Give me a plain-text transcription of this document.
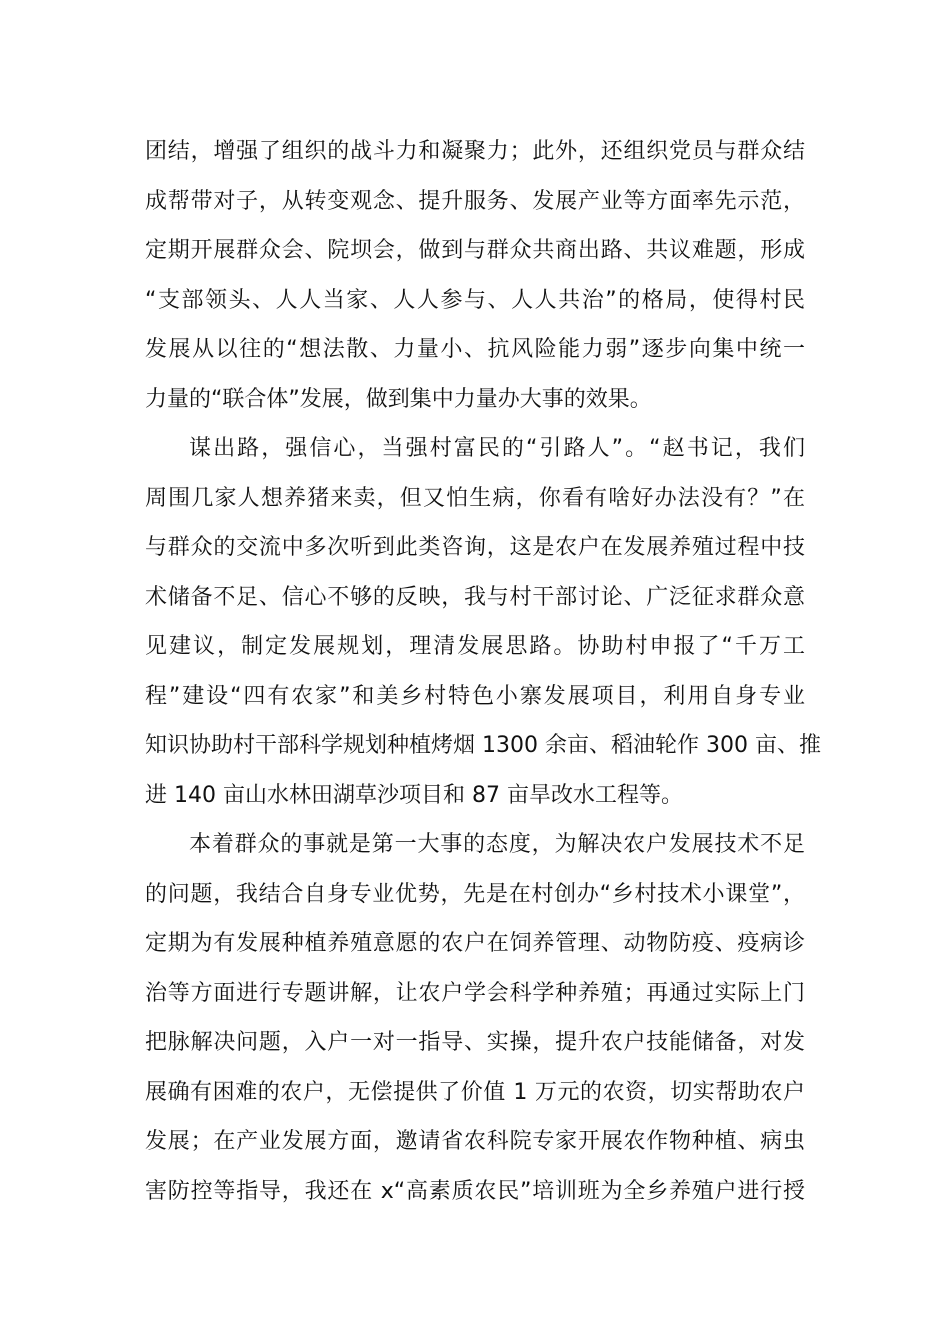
团结，增强了组织的战斗力和凝聚力；此外，还组织党员与群众结
成帮带对子，从转变观念、提升服务、发展产业等方面率先示范，
定期开展群众会、院坝会，做到与群众共商出路、共议难题，形成
“支部领头、人人当家、人人参与、人人共治”的格局，使得村民
发展从以往的“想法散、力量小、抗风险能力弱”逐步向集中统一
力量的“联合体”发展，做到集中力量办大事的效果。
谋出路，强信心，当强村富民的“引路人”。“赵书记，我们
周围几家人想养猪来卖，但又怕生病，你看有啥好办法没有？”在
与群众的交流中多次听到此类咨询，这是农户在发展养殖过程中技
术储备不足、信心不够的反映，我与村干部讨论、广泛征求群众意
见建议，制定发展规划，理清发展思路。协助村申报了“千万工
程”建设“四有农家”和美乡村特色小寨发展项目，利用自身专业
知识协助村干部科学规划种植烤烟 1300 余亩、稻油轮作 300 亩、推
进 140 亩山水林田湖草沙项目和 87 亩旱改水工程等。
本着群众的事就是第一大事的态度，为解决农户发展技术不足
的问题，我结合自身专业优势，先是在村创办“乡村技术小课堂”，
定期为有发展种植养殖意愿的农户在饲养管理、动物防疫、疫病诊
治等方面进行专题讲解，让农户学会科学种养殖；再通过实际上门
把脉解决问题，入户一对一指导、实操，提升农户技能储备，对发
展确有困难的农户，无偿提供了价值 1 万元的农资，切实帮助农户
发展；在产业发展方面，邀请省农科院专家开展农作物种植、病虫
害防控等指导，我还在 x“高素质农民”培训班为全乡养殖户进行授
